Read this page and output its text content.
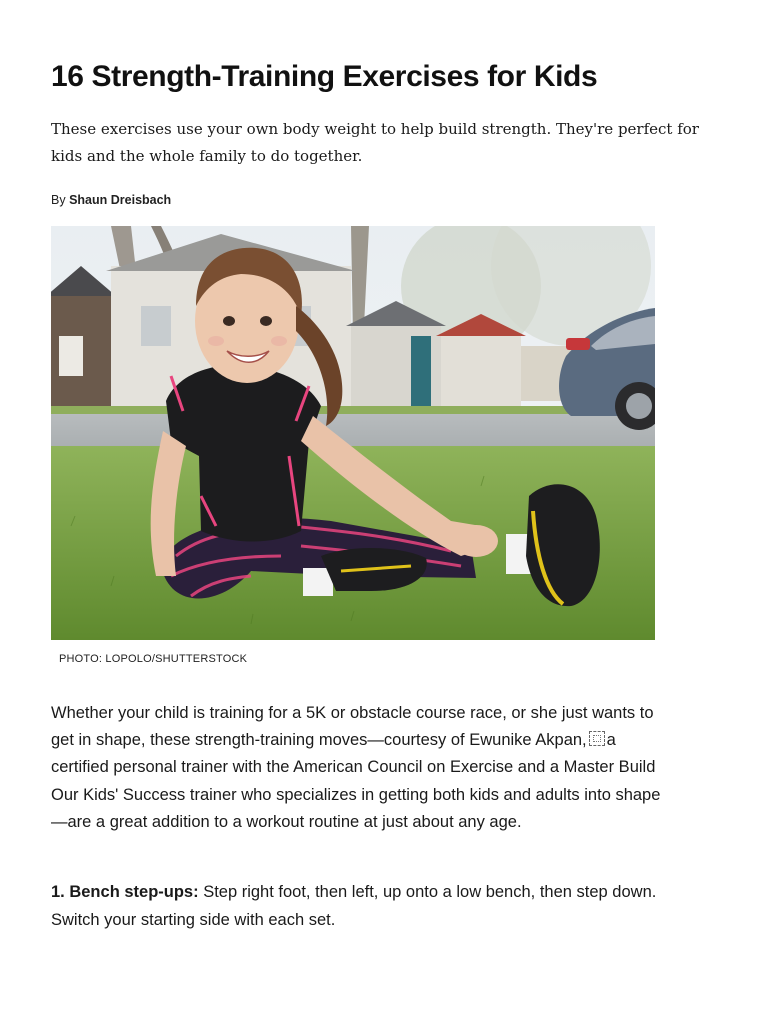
16 Strength-Training Exercises for Kids

These exercises use your own body weight to help build strength. They're perfect for kids and the whole family to do together.

By Shaun Dreisbach
PHOTO: LOPOLO/SHUTTERSTOCK

Whether your child is training for a 5K or obstacle course race, or she just wants to get in shape, these strength-training moves—courtesy of Ewunike Akpan, a certified personal trainer with the American Council on Exercise and a Master Build Our Kids' Success trainer who specializes in getting both kids and adults into shape—are a great addition to a workout routine at just about any age.

1. Bench step-ups: Step right foot, then left, up onto a low bench, then step down. Switch your starting side with each set.
